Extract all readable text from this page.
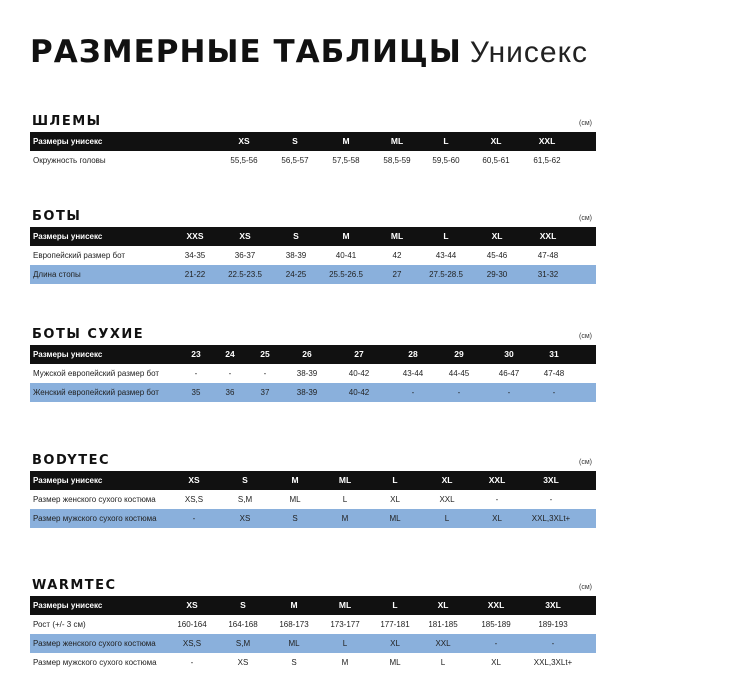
РАЗМЕРНЫЕ ТАБЛИЦЫ Унисекс
ШЛЕМЫ	(см)
Размеры унисекс	XS	S	M	ML	L	XL	XXL
Окружность головы	55,5-56	56,5-57	57,5-58	58,5-59	59,5-60	60,5-61	61,5-62
БОТЫ	(см)
Размеры унисекс	XXS	XS	S	M	ML	L	XL	XXL
Европейский размер бот	34-35	36-37	38-39	40-41	42	43-44	45-46	47-48
Длина стопы	21-22	22.5-23.5	24-25	25.5-26.5	27	27.5-28.5	29-30	31-32
БОТЫ СУХИЕ	(см)
Размеры унисекс	23	24	25	26	27	28	29	30	31
Мужской европейский размер бот	-	-	-	38-39	40-42	43-44	44-45	46-47	47-48
Женский европейский размер бот	35	36	37	38-39	40-42	-	-	-	-
BODYTEC	(см)
Размеры унисекс	XS	S	M	ML	L	XL	XXL	3XL
Размер женского сухого костюма	XS,S	S,M	ML	L	XL	XXL	-	-
Размер мужского сухого костюма	-	XS	S	M	ML	L	XL	XXL,3XLt+
WARMTEC	(см)
Размеры унисекс	XS	S	M	ML	L	XL	XXL	3XL
Рост (+/- 3 см)	160-164	164-168	168-173	173-177	177-181 181-185	185-189	189-193
Размер женского сухого костюма	XS,S	S,M	ML	L	XL	XXL	-	-
Размер мужского сухого костюма	-	XS	S	M	ML	L	XL	XXL,3XLt+
